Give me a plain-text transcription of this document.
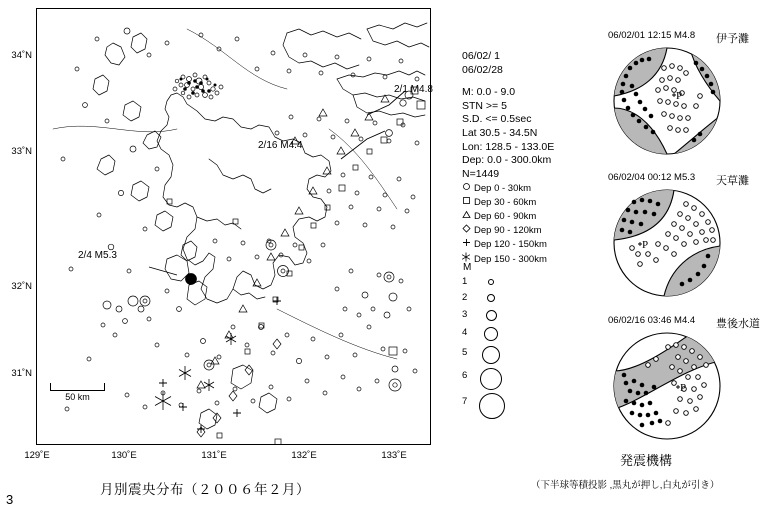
34˚N
33˚N
32˚N
31˚N
129˚E	130˚E	131˚E	132˚E	133˚E
50 km
2/1 M4.8
2/16 M4.4
2/4 M5.3
06/02/ 1
06/02/28
M: 0.0 - 9.0
STN >= 5
S.D. <= 0.5sec
Lat 30.5 - 34.5N
Lon: 128.5 - 133.0E
Dep: 0.0 - 300.0km
N=1449
Dep 0 - 30km
Dep 30 - 60km
Dep 60 - 90km
Dep 90 - 120km
Dep 120 - 150km
Dep 150 - 300km
M
1
2
3
4
5
6
7
06/02/01 12:15 M4.8	伊予灘
P
06/02/04 00:12 M5.3	天草灘
P
06/02/16 03:46 M4.4	豊後水道
P
月別震央分布（２００６年２月）
発震機構
（下半球等積投影 ,黒丸が押し,白丸が引き）
3
